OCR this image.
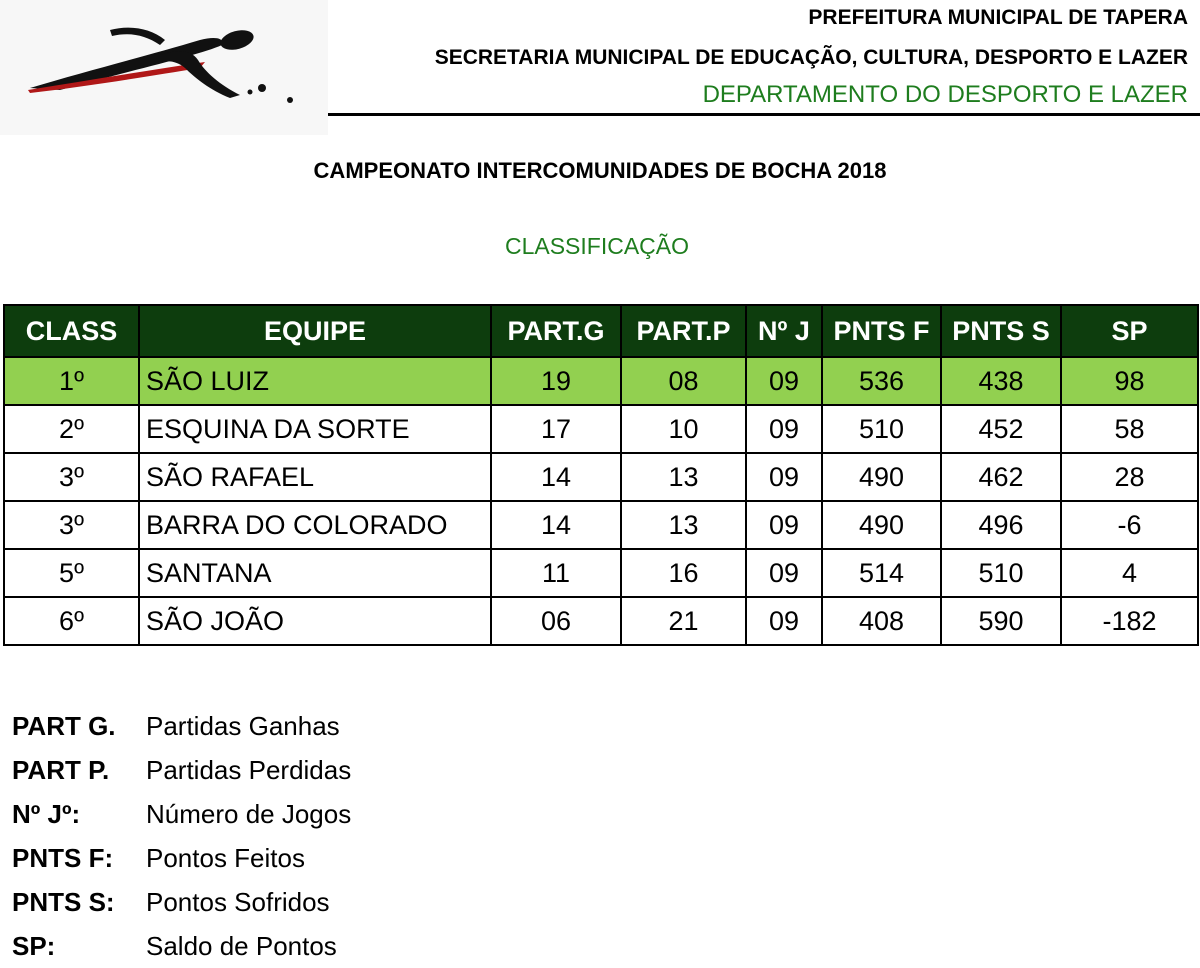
PREFEITURA MUNICIPAL DE TAPERA
SECRETARIA MUNICIPAL DE EDUCAÇÃO, CULTURA, DESPORTO E LAZER
DEPARTAMENTO DO DESPORTO E LAZER
CAMPEONATO INTERCOMUNIDADES DE BOCHA 2018
CLASSIFICAÇÃO
CLASS	EQUIPE	PART.G	PART.P	Nº J	PNTS F	PNTS S	SP
1º	SÃO LUIZ	19	08	09	536	438	98
2º	ESQUINA DA SORTE	17	10	09	510	452	58
3º	SÃO RAFAEL	14	13	09	490	462	28
3º	BARRA DO COLORADO	14	13	09	490	496	-6
5º	SANTANA	11	16	09	514	510	4
6º	SÃO JOÃO	06	21	09	408	590	-182
PART G.	Partidas Ganhas
PART P.	Partidas Perdidas
Nº Jº:	Número de Jogos
PNTS F:	Pontos Feitos
PNTS S:	Pontos Sofridos
SP:	Saldo de Pontos
